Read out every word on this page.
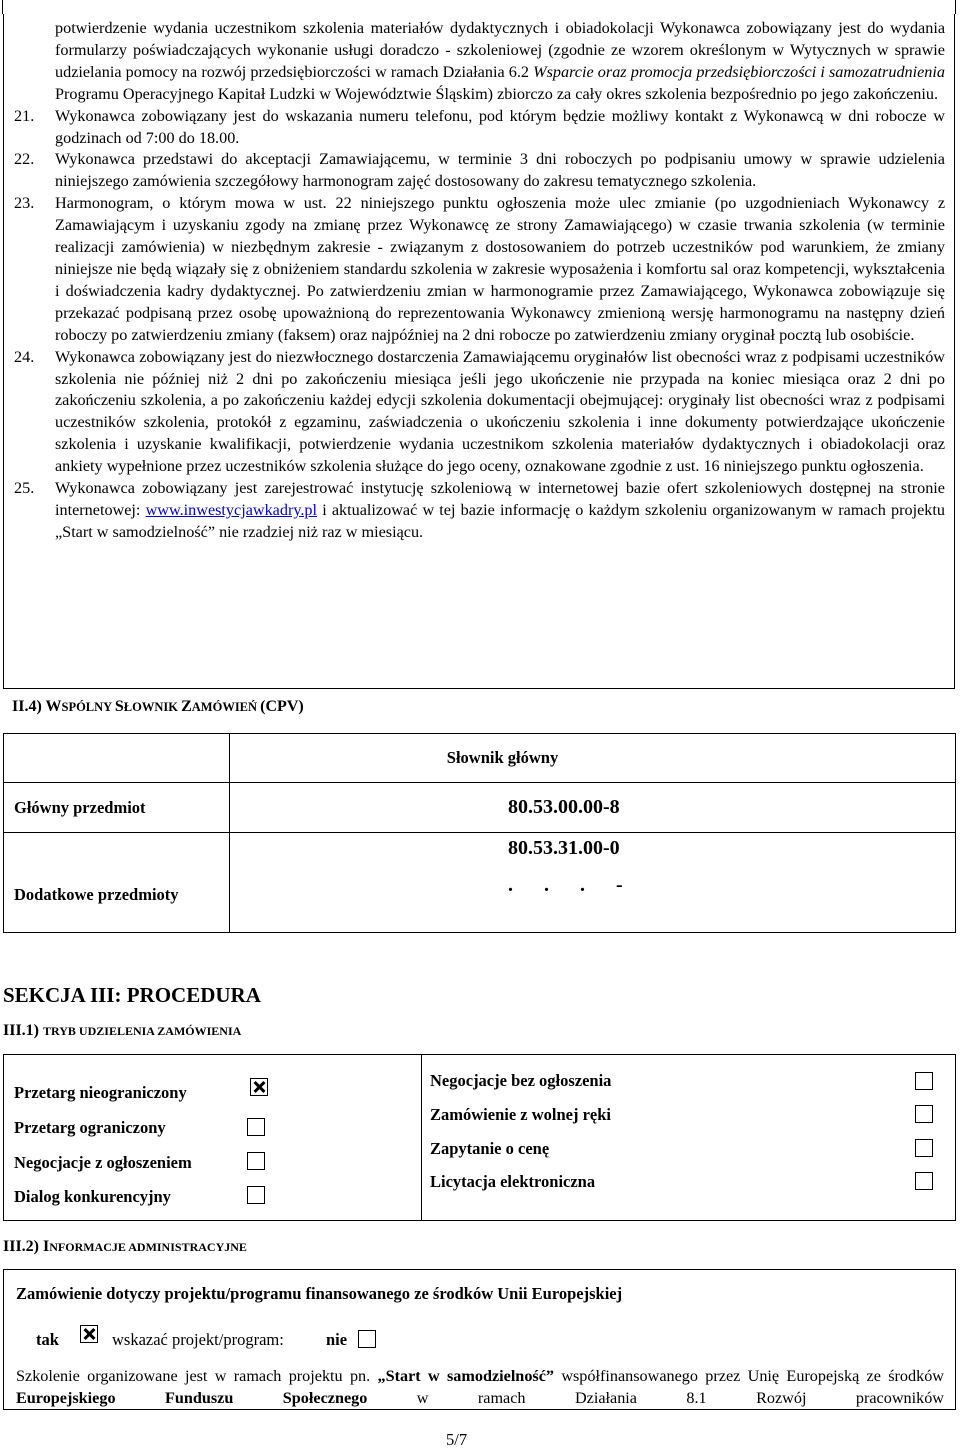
potwierdzenie wydania uczestnikom szkolenia materiałów dydaktycznych i obiadokolacji Wykonawca zobowiązany jest do wydania formularzy poświadczających wykonanie usługi doradczo - szkoleniowej (zgodnie ze wzorem określonym w Wytycznych w sprawie udzielania pomocy na rozwój przedsiębiorczości w ramach Działania 6.2 Wsparcie oraz promocja przedsiębiorczości i samozatrudnienia Programu Operacyjnego Kapitał Ludzki w Województwie Śląskim) zbiorczo za cały okres szkolenia bezpośrednio po jego zakończeniu.

21. Wykonawca zobowiązany jest do wskazania numeru telefonu, pod którym będzie możliwy kontakt z Wykonawcą w dni robocze w godzinach od 7:00 do 18.00.

22. Wykonawca przedstawi do akceptacji Zamawiającemu, w terminie 3 dni roboczych po podpisaniu umowy w sprawie udzielenia niniejszego zamówienia szczegółowy harmonogram zajęć dostosowany do zakresu tematycznego szkolenia.

23. Harmonogram, o którym mowa w ust. 22 niniejszego punktu ogłoszenia może ulec zmianie (po uzgodnieniach Wykonawcy z Zamawiającym i uzyskaniu zgody na zmianę przez Wykonawcę ze strony Zamawiającego) w czasie trwania szkolenia (w terminie realizacji zamówienia) w niezbędnym zakresie - związanym z dostosowaniem do potrzeb uczestników pod warunkiem, że zmiany niniejsze nie będą wiązały się z obniżeniem standardu szkolenia w zakresie wyposażenia i komfortu sal oraz kompetencji, wykształcenia i doświadczenia kadry dydaktycznej. Po zatwierdzeniu zmian w harmonogramie przez Zamawiającego, Wykonawca zobowiązuje się przekazać podpisaną przez osobę upoważnioną do reprezentowania Wykonawcy zmienioną wersję harmonogramu na następny dzień roboczy po zatwierdzeniu zmiany (faksem) oraz najpóźniej na 2 dni robocze po zatwierdzeniu zmiany oryginał pocztą lub osobiście.

24. Wykonawca zobowiązany jest do niezwłocznego dostarczenia Zamawiającemu oryginałów list obecności wraz z podpisami uczestników szkolenia nie później niż 2 dni po zakończeniu miesiąca jeśli jego ukończenie nie przypada na koniec miesiąca oraz 2 dni po zakończeniu szkolenia, a po zakończeniu każdej edycji szkolenia dokumentacji obejmującej: oryginały list obecności wraz z podpisami uczestników szkolenia, protokół z egzaminu, zaświadczenia o ukończeniu szkolenia i inne dokumenty potwierdzające ukończenie szkolenia i uzyskanie kwalifikacji, potwierdzenie wydania uczestnikom szkolenia materiałów dydaktycznych i obiadokolacji oraz ankiety wypełnione przez uczestników szkolenia służące do jego oceny, oznakowane zgodnie z ust. 16 niniejszego punktu ogłoszenia.

25. Wykonawca zobowiązany jest zarejestrować instytucję szkoleniową w internetowej bazie ofert szkoleniowych dostępnej na stronie internetowej: www.inwestycjawkadry.pl i aktualizować w tej bazie informację o każdym szkoleniu organizowanym w ramach projektu „Start w samodzielność” nie rzadziej niż raz w miesiącu.

II.4) WSPÓLNY SŁOWNIK ZAMÓWIEŃ (CPV)
	Słownik główny
Główny przedmiot	80.53.00.00-8
Dodatkowe przedmioty	80.53.31.00-0
.   .   .   -
SEKCJA III: PROCEDURA
III.1) TRYB UDZIELENIA ZAMÓWIENIA
Przetarg nieograniczony
Przetarg ograniczony
Negocjacje z ogłoszeniem
Dialog konkurencyjny
Negocjacje bez ogłoszenia
Zamówienie z wolnej ręki
Zapytanie o cenę
Licytacja elektroniczna
III.2) INFORMACJE ADMINISTRACYJNE
Zamówienie dotyczy projektu/programu finansowanego ze środków Unii Europejskiej
tak	wskazać projekt/program:	nie
Szkolenie organizowane jest w ramach projektu pn. „Start w samodzielność” współfinansowanego przez Unię Europejską ze środków Europejskiego Funduszu Społecznego w ramach Działania 8.1 Rozwój pracowników
5/7
